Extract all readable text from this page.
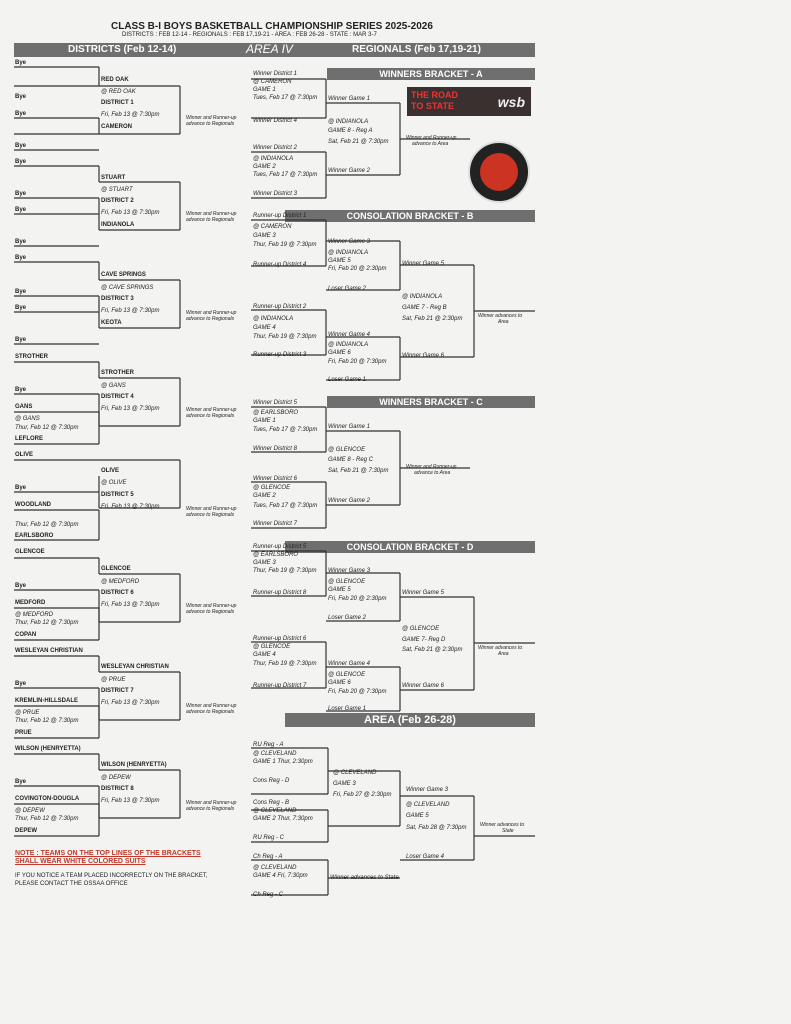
CLASS B-I BOYS BASKETBALL CHAMPIONSHIP SERIES 2025-2026
DISTRICTS : FEB 12-14 - REGIONALS : FEB 17,19-21 - AREA : FEB 26-28 - STATE : MAR 3-7
DISTRICTS (Feb 12-14)	AREA IV	REGIONALS (Feb 17,19-21)
WINNERS BRACKET - A
CONSOLATION BRACKET - B
WINNERS BRACKET - C
CONSOLATION BRACKET - D
AREA (Feb 26-28)
THE ROAD
TO STATE	wsb
Bye
RED OAK
@ RED OAK
Bye
DISTRICT 1
Bye	Fri, Feb 13 @ 7:30pm	Winner and Runner-up
advance to Regionals
CAMERON
Bye
Bye
STUART
@ STUART
Bye
DISTRICT 2
Bye	Fri, Feb 13 @ 7:30pm	Winner and Runner-up
advance to Regionals
INDIANOLA
Bye
Bye
CAVE SPRINGS
@ CAVE SPRINGS
Bye
DISTRICT 3
Bye	Fri, Feb 13 @ 7:30pm	Winner and Runner-up
advance to Regionals
KEOTA
Bye
STROTHER
STROTHER
@ GANS
Bye
DISTRICT 4
GANS	Fri, Feb 13 @ 7:30pm	Winner and Runner-up
advance to Regionals
@ GANS
Thur, Feb 12 @ 7:30pm
LEFLORE
OLIVE
OLIVE
@ OLIVE
Bye
DISTRICT 5
WOODLAND	Fri, Feb 13 @ 7:30pm	Winner and Runner-up
advance to Regionals
Thur, Feb 12 @ 7:30pm
EARLSBORO
GLENCOE
GLENCOE
@ MEDFORD
Bye
DISTRICT 6
MEDFORD	Fri, Feb 13 @ 7:30pm	Winner and Runner-up
advance to Regionals
@ MEDFORD
Thur, Feb 12 @ 7:30pm
COPAN
WESLEYAN CHRISTIAN
WESLEYAN CHRISTIAN
@ PRUE
Bye
DISTRICT 7
KREMLIN-HILLSDALE	Fri, Feb 13 @ 7:30pm	Winner and Runner-up
advance to Regionals
@ PRUE
Thur, Feb 12 @ 7:30pm
PRUE
WILSON (HENRYETTA)
WILSON (HENRYETTA)
@ DEPEW
Bye
DISTRICT 8
COVINGTON-DOUGLA	Fri, Feb 13 @ 7:30pm	Winner and Runner-up
advance to Regionals
@ DEPEW
Thur, Feb 12 @ 7:30pm
DEPEW
Winner District 1
@ CAMERON
GAME 1
Tues, Feb 17 @ 7:30pm Winner Game 1
Winner District 4	@ INDIANOLA
GAME 8 - Reg A
Winner and Runner-up
Sat, Feb 21 @ 7:30pm	advance to Area
Winner District 2
@ INDIANOLA
GAME 2
Winner Game 2
Tues, Feb 17 @ 7:30pm
Winner District 3
Runner-up District 1
@ CAMERON
GAME 3
Winner Game 3
Thur, Feb 19 @ 7:30pm
@ INDIANOLA
GAME 5	Winner Game 5
Runner-up District 4
Fri, Feb 20 @ 2:30pm
Loser Game 2
@ INDIANOLA
Runner-up District 2	GAME 7 - Reg B
Winner advances to
@ INDIANOLA	Sat, Feb 21 @ 2:30pm	Area
GAME 4
Winner Game 4
Thur, Feb 19 @ 7:30pm
@ INDIANOLA
GAME 6
Runner-up District 3	Winner Game 6
Fri, Feb 20 @ 7:30pm
Loser Game 1
Winner District 5
@ EARLSBORO
GAME 1
Winner Game 1
Tues, Feb 17 @ 7:30pm
Winner District 8	@ GLENCOE
GAME 8 - Reg C
Winner and Runner-up
Sat, Feb 21 @ 7:30pm	advance to Area
Winner District 6
@ GLENCOE
GAME 2
Winner Game 2
Tues, Feb 17 @ 7:30pm
Winner District 7
Runner-up District 5
@ EARLSBORO
GAME 3
Thur, Feb 19 @ 7:30pm Winner Game 3
@ GLENCOE
GAME 5
Runner-up District 8	Winner Game 5
Fri, Feb 20 @ 2:30pm
Loser Game 2
@ GLENCOE
Runner-up District 6	GAME 7- Reg D
@ GLENCOE	Winner advances to
Sat, Feb 21 @ 2:30pm
Area
GAME 4
Thur, Feb 19 @ 7:30pm Winner Game 4
@ GLENCOE
GAME 6
Runner-up District 7	Winner Game 6
Fri, Feb 20 @ 7:30pm
Loser Game 1
RU Reg - A
@ CLEVELAND
GAME 1 Thur, 2:30pm
@ CLEVELAND
Cons Reg - D	GAME 3
Winner Game 3
Fri, Feb 27 @ 2:30pm
Cons Reg - B	@ CLEVELAND
@ CLEVELAND
GAME 5
GAME 2 Thur, 7:30pm
Winner advances to
Sat, Feb 28 @ 7:30pm	State
RU Reg - C
Ch Reg - A	Loser Game 4
@ CLEVELAND
GAME 4 Fri, 7:30pm	Winner advances to State
Ch Reg - C
NOTE : TEAMS ON THE TOP LINES OF THE BRACKETS
SHALL WEAR WHITE COLORED SUITS
IF YOU NOTICE A TEAM PLACED INCORRECTLY ON THE BRACKET,
PLEASE CONTACT THE OSSAA OFFICE
